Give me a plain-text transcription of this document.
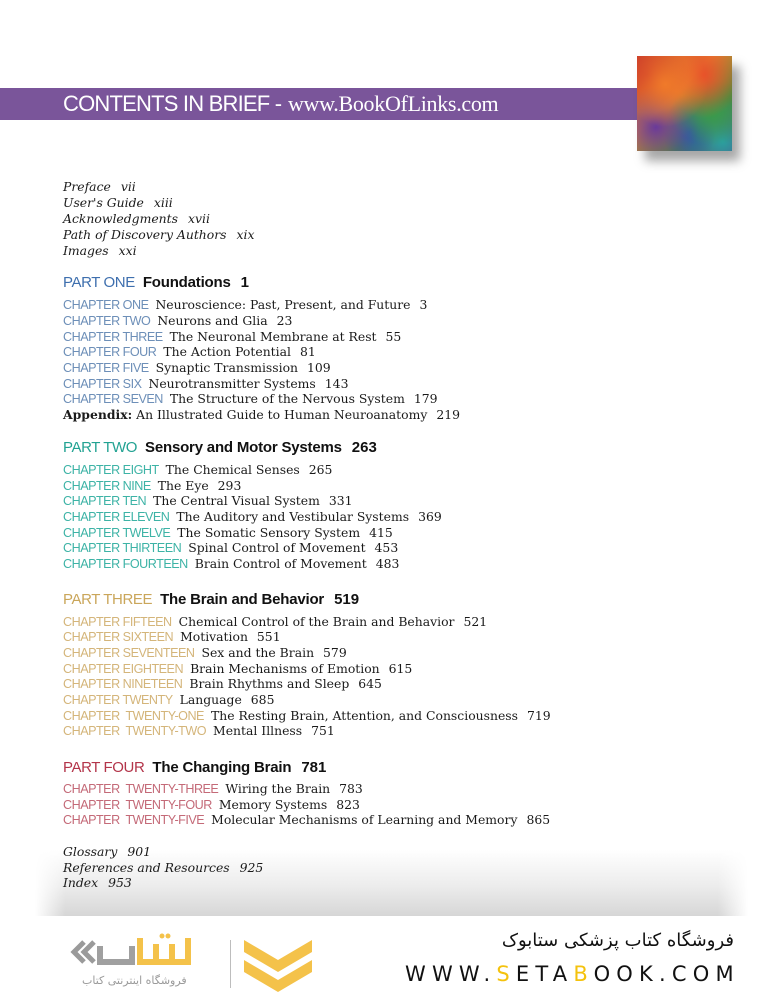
CONTENTS IN BRIEF - www.BookOfLinks.com
Preface vii
User's Guide xiii
Acknowledgments xvii
Path of Discovery Authors xix
Images xxi
PART ONE Foundations 1
CHAPTER ONE Neuroscience: Past, Present, and Future 3
CHAPTER TWO Neurons and Glia 23
CHAPTER THREE The Neuronal Membrane at Rest 55
CHAPTER FOUR The Action Potential 81
CHAPTER FIVE Synaptic Transmission 109
CHAPTER SIX Neurotransmitter Systems 143
CHAPTER SEVEN The Structure of the Nervous System 179
Appendix: An Illustrated Guide to Human Neuroanatomy 219
PART TWO Sensory and Motor Systems 263
CHAPTER EIGHT The Chemical Senses 265
CHAPTER NINE The Eye 293
CHAPTER TEN The Central Visual System 331
CHAPTER ELEVEN The Auditory and Vestibular Systems 369
CHAPTER TWELVE The Somatic Sensory System 415
CHAPTER THIRTEEN Spinal Control of Movement 453
CHAPTER FOURTEEN Brain Control of Movement 483
PART THREE The Brain and Behavior 519
CHAPTER FIFTEEN Chemical Control of the Brain and Behavior 521
CHAPTER SIXTEEN Motivation 551
CHAPTER SEVENTEEN Sex and the Brain 579
CHAPTER EIGHTEEN Brain Mechanisms of Emotion 615
CHAPTER NINETEEN Brain Rhythms and Sleep 645
CHAPTER TWENTY Language 685
CHAPTER  TWENTY-ONE The Resting Brain, Attention, and Consciousness 719
CHAPTER  TWENTY-TWO Mental Illness 751
PART FOUR The Changing Brain 781
CHAPTER  TWENTY-THREE Wiring the Brain 783
CHAPTER  TWENTY-FOUR Memory Systems 823
CHAPTER  TWENTY-FIVE Molecular Mechanisms of Learning and Memory 865
Glossary 901
References and Resources 925
Index 953
فروشگاه اینترنتی کتاب
فروشگاه کتاب پزشکی ستابوک
WWW.SETABOOK.COM
